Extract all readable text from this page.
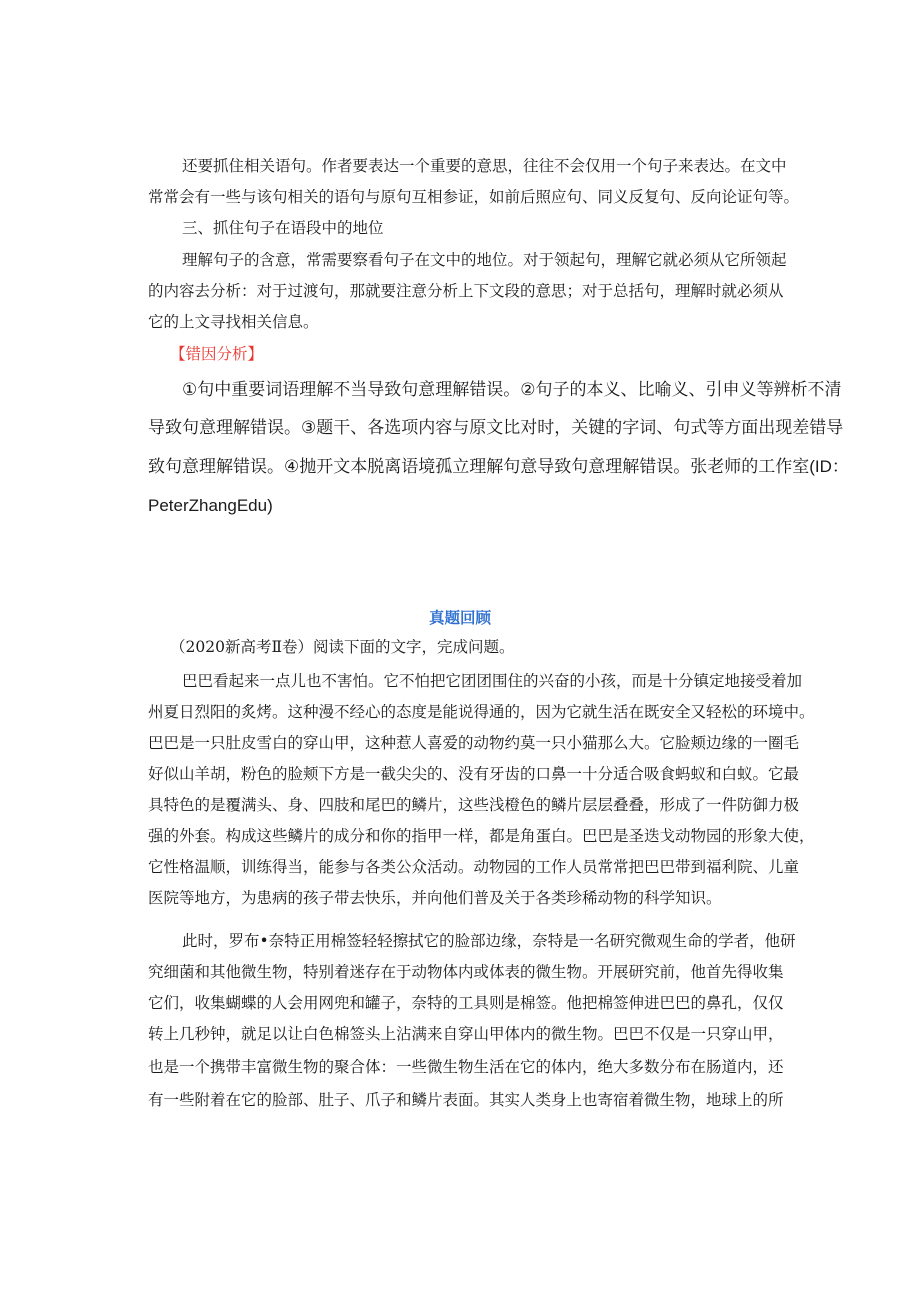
还要抓住相关语句。作者要表达一个重要的意思，往往不会仅用一个句子来表达。在文中
常常会有一些与该句相关的语句与原句互相参证，如前后照应句、同义反复句、反向论证句等。
三、抓住句子在语段中的地位
理解句子的含意，常需要察看句子在文中的地位。对于领起句，理解它就必须从它所领起
的内容去分析：对于过渡句，那就要注意分析上下文段的意思；对于总括句，理解时就必须从
它的上文寻找相关信息。
【错因分析】
①句中重要词语理解不当导致句意理解错误。②句子的本义、比喻义、引申义等辨析不清
导致句意理解错误。③题干、各选项内容与原文比对时，关键的字词、句式等方面出现差错导
致句意理解错误。④抛开文本脱离语境孤立理解句意导致句意理解错误。张老师的工作室(ID：
PeterZhangEdu)
真题回顾
（2020新高考Ⅱ卷）阅读下面的文字，完成问题。
巴巴看起来一点儿也不害怕。它不怕把它团团围住的兴奋的小孩，而是十分镇定地接受着加
州夏日烈阳的炙烤。这种漫不经心的态度是能说得通的，因为它就生活在既安全又轻松的环境中。
巴巴是一只肚皮雪白的穿山甲，这种惹人喜爱的动物约莫一只小猫那么大。它脸颊边缘的一圈毛
好似山羊胡，粉色的脸颊下方是一截尖尖的、没有牙齿的口鼻一十分适合吸食蚂蚁和白蚁。它最
具特色的是覆满头、身、四肢和尾巴的鳞片，这些浅橙色的鳞片层层叠叠，形成了一件防御力极
强的外套。构成这些鳞片的成分和你的指甲一样，都是角蛋白。巴巴是圣迭戈动物园的形象大使，
它性格温顺，训练得当，能参与各类公众活动。动物园的工作人员常常把巴巴带到福利院、儿童
医院等地方，为患病的孩子带去快乐，并向他们普及关于各类珍稀动物的科学知识。
此时，罗布•奈特正用棉签轻轻擦拭它的脸部边缘，奈特是一名研究微观生命的学者，他研
究细菌和其他微生物，特别着迷存在于动物体内或体表的微生物。开展研究前，他首先得收集
它们，收集蝴蝶的人会用网兜和罐子，奈特的工具则是棉签。他把棉签伸进巴巴的鼻孔，仅仅
转上几秒钟，就足以让白色棉签头上沾满来自穿山甲体内的微生物。巴巴不仅是一只穿山甲，
也是一个携带丰富微生物的聚合体：一些微生物生活在它的体内，绝大多数分布在肠道内，还
有一些附着在它的脸部、肚子、爪子和鳞片表面。其实人类身上也寄宿着微生物，地球上的所
